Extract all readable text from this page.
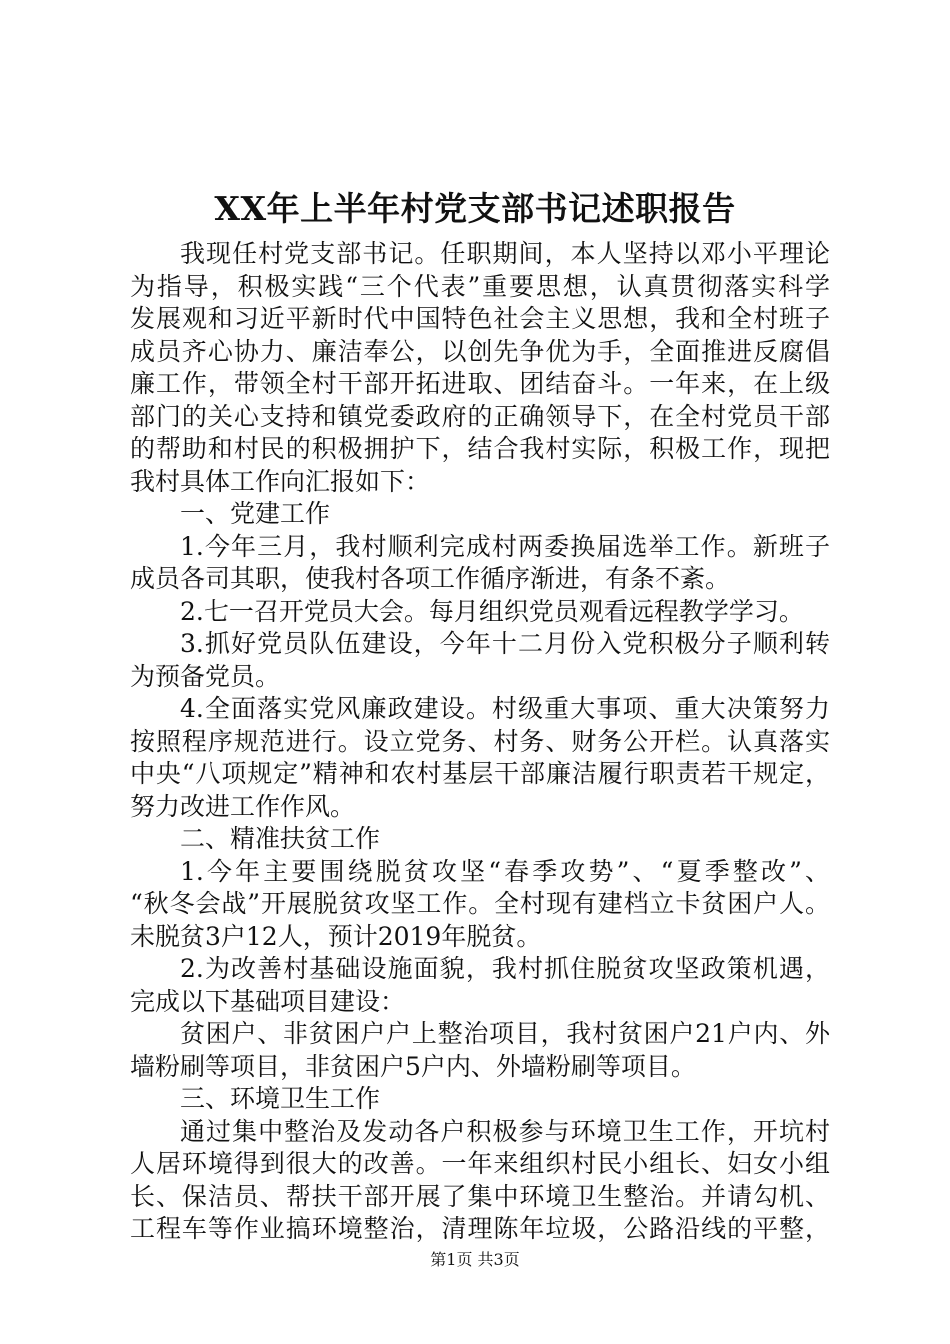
XX年上半年村党支部书记述职报告
我现任村党支部书记。任职期间，本人坚持以邓小平理论
为指导，积极实践“三个代表”重要思想，认真贯彻落实科学
发展观和习近平新时代中国特色社会主义思想，我和全村班子
成员齐心协力、廉洁奉公，以创先争优为手，全面推进反腐倡
廉工作，带领全村干部开拓进取、团结奋斗。一年来，在上级
部门的关心支持和镇党委政府的正确领导下，在全村党员干部
的帮助和村民的积极拥护下，结合我村实际，积极工作，现把
我村具体工作向汇报如下：
一、党建工作
1.今年三月，我村顺利完成村两委换届选举工作。新班子
成员各司其职，使我村各项工作循序渐进，有条不紊。
2.七一召开党员大会。每月组织党员观看远程教学学习。
3.抓好党员队伍建设，今年十二月份入党积极分子顺利转
为预备党员。
4.全面落实党风廉政建设。村级重大事项、重大决策努力
按照程序规范进行。设立党务、村务、财务公开栏。认真落实
中央“八项规定”精神和农村基层干部廉洁履行职责若干规定，
努力改进工作作风。
二、精准扶贫工作
1.今年主要围绕脱贫攻坚“春季攻势”、“夏季整改”、
“秋冬会战”开展脱贫攻坚工作。全村现有建档立卡贫困户人。
未脱贫3户12人，预计2019年脱贫。
2.为改善村基础设施面貌，我村抓住脱贫攻坚政策机遇，
完成以下基础项目建设：
贫困户、非贫困户户上整治项目，我村贫困户21户内、外
墙粉刷等项目，非贫困户5户内、外墙粉刷等项目。
三、环境卫生工作
通过集中整治及发动各户积极参与环境卫生工作，开坑村
人居环境得到很大的改善。一年来组织村民小组长、妇女小组
长、保洁员、帮扶干部开展了集中环境卫生整治。并请勾机、
工程车等作业搞环境整治，清理陈年垃圾，公路沿线的平整，
第1页 共3页
